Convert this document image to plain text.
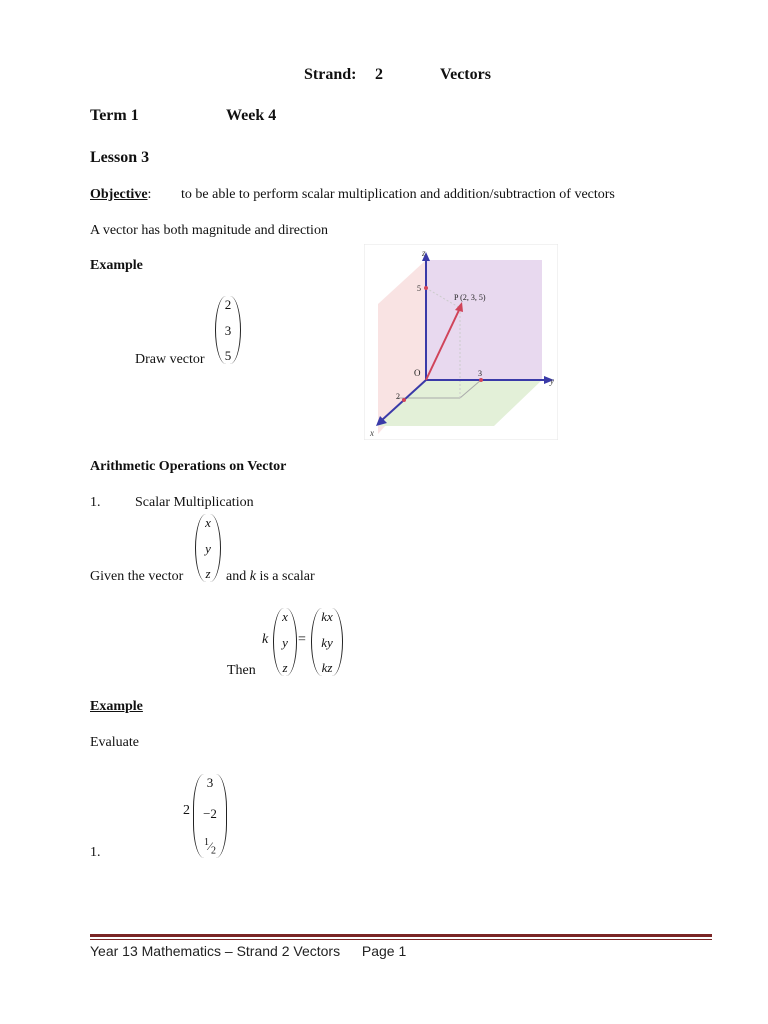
Strand: 2	Vectors
Term 1	Week 4
Lesson 3
Objective: to be able to perform scalar multiplication and addition/subtraction of vectors
A vector has both magnitude and direction
Example
Draw vector
2
3
5
z
y
x
O
5
3
2
P (2, 3, 5)
Arithmetic Operations on Vector
1. Scalar Multiplication
Given the vector
x
y
z and k is a scalar
Then
k
x
y
z
=
kx
ky
kz
Example
Evaluate
2
3
−2
$^1⁄_2$
1.
Year 13 Mathematics – Strand 2 Vectors Page 1
